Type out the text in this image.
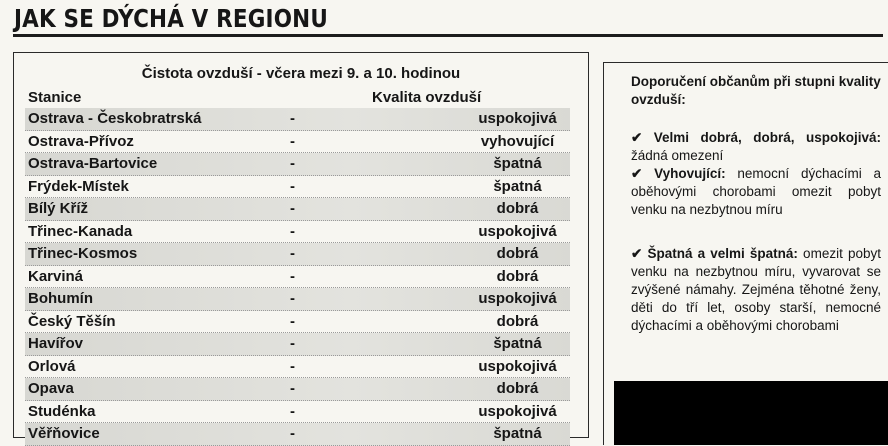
JAK SE DÝCHÁ V REGIONU
Čistota ovzduší - včera mezi 9. a 10. hodinou
Stanice	Kvalita ovzduší
Ostrava - Českobratrská	-	uspokojivá
Ostrava-Přívoz	-	vyhovující
Ostrava-Bartovice	-	špatná
Frýdek-Místek	-	špatná
Bílý Kříž	-	dobrá
Třinec-Kanada	-	uspokojivá
Třinec-Kosmos	-	dobrá
Karviná	-	dobrá
Bohumín	-	uspokojivá
Český Těšín	-	dobrá
Havířov	-	špatná
Orlová	-	uspokojivá
Opava	-	dobrá
Studénka	-	uspokojivá
Věřňovice	-	špatná

Doporučení občanům při stupni kvality ovzduší:

✔ Velmi dobrá, dobrá, uspokojivá: žádná omezení

✔ Vyhovující: nemocní dýchacími a oběhovými chorobami omezit pobyt venku na nezbytnou míru

✔ Špatná a velmi špatná: omezit pobyt venku na nezbytnou míru, vyvarovat se zvýšené námahy. Zejména těhotné ženy, děti do tří let, osoby starší, nemocné dýchacími a oběhovými chorobami
